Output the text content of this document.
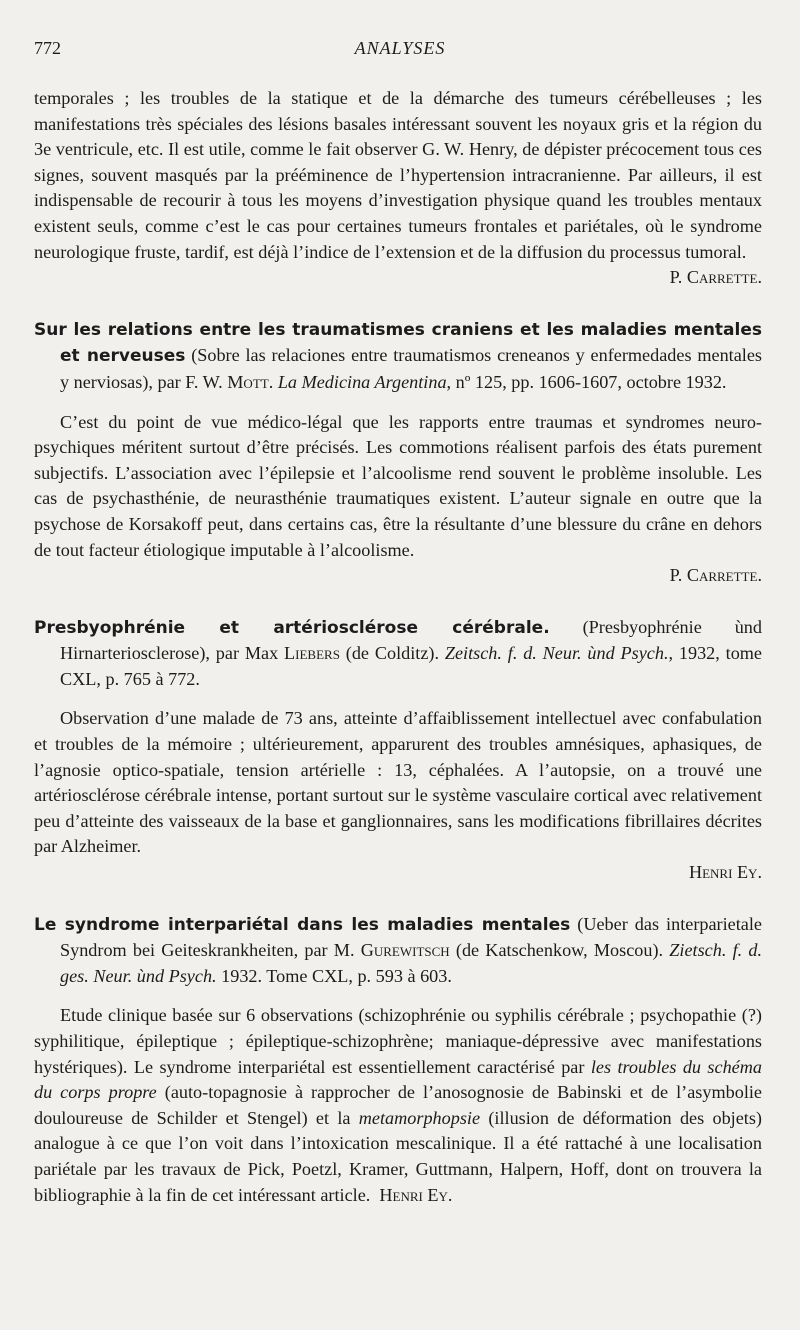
772	ANALYSES

temporales ; les troubles de la statique et de la démarche des tumeurs cérébelleuses ; les manifestations très spéciales des lésions basales intéressant souvent les noyaux gris et la région du 3e ventricule, etc. Il est utile, comme le fait observer G. W. Henry, de dépister précocement tous ces signes, souvent masqués par la prééminence de l’hypertension intracranienne. Par ailleurs, il est indispensable de recourir à tous les moyens d’investigation physique quand les troubles mentaux existent seuls, comme c’est le cas pour certaines tumeurs frontales et pariétales, où le syndrome neurologique fruste, tardif, est déjà l’indice de l’extension et de la diffusion du processus tumoral.

P. Carrette.

Sur les relations entre les traumatismes craniens et les maladies mentales et nerveuses (Sobre las relaciones entre traumatismos creneanos y enfermedades mentales y nerviosas), par F. W. Mott. La Medicina Argentina, nº 125, pp. 1606-1607, octobre 1932.

C’est du point de vue médico-légal que les rapports entre traumas et syndromes neuro-psychiques méritent surtout d’être précisés. Les commotions réalisent parfois des états purement subjectifs. L’association avec l’épilepsie et l’alcoolisme rend souvent le problème insoluble. Les cas de psychasthénie, de neurasthénie traumatiques existent. L’auteur signale en outre que la psychose de Korsakoff peut, dans certains cas, être la résultante d’une blessure du crâne en dehors de tout facteur étiologique imputable à l’alcoolisme.

P. Carrette.

Presbyophrénie et artériosclérose cérébrale. (Presbyophrénie ùnd Hirnarteriosclerose), par Max Liebers (de Colditz). Zeitsch. f. d. Neur. ùnd Psych., 1932, tome CXL, p. 765 à 772.

Observation d’une malade de 73 ans, atteinte d’affaiblissement intellectuel avec confabulation et troubles de la mémoire ; ultérieurement, apparurent des troubles amnésiques, aphasiques, de l’agnosie optico-spatiale, tension artérielle : 13, céphalées. A l’autopsie, on a trouvé une artériosclérose cérébrale intense, portant surtout sur le système vasculaire cortical avec relativement peu d’atteinte des vaisseaux de la base et ganglionnaires, sans les modifications fibrillaires décrites par Alzheimer.

Henri Ey.

Le syndrome interpariétal dans les maladies mentales (Ueber das interparietale Syndrom bei Geiteskrankheiten, par M. Gurewitsch (de Katschenkow, Moscou). Zietsch. f. d. ges. Neur. ùnd Psych. 1932. Tome CXL, p. 593 à 603.

Etude clinique basée sur 6 observations (schizophrénie ou syphilis cérébrale ; psychopathie (?) syphilitique, épileptique ; épileptique-schizophrène; maniaque-dépressive avec manifestations hystériques). Le syndrome interpariétal est essentiellement caractérisé par les troubles du schéma du corps propre (auto-topagnosie à rapprocher de l’anosognosie de Babinski et de l’asymbolie douloureuse de Schilder et Stengel) et la metamorphopsie (illusion de déformation des objets) analogue à ce que l’on voit dans l’intoxication mescalinique. Il a été rattaché à une localisation pariétale par les travaux de Pick, Poetzl, Kramer, Guttmann, Halpern, Hoff, dont on trouvera la bibliographie à la fin de cet intéressant article. Henri Ey.
